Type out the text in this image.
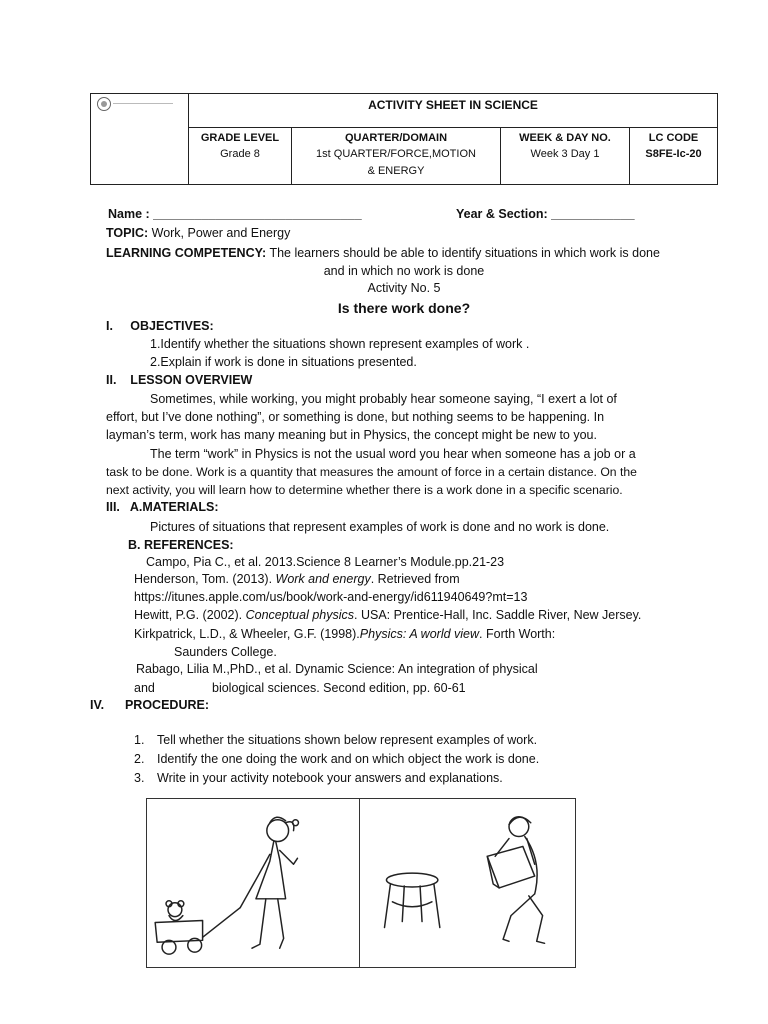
ACTIVITY SHEET IN SCIENCE
GRADE LEVEL
Grade 8
QUARTER/DOMAIN
1st QUARTER/FORCE,MOTION
& ENERGY
WEEK & DAY NO.
Week 3 Day 1
LC CODE
S8FE-Ic-20
Name : ______________________________	Year & Section: ____________
TOPIC: Work, Power and Energy
LEARNING COMPETENCY: The learners should be able to identify situations in which work is done
and in which no work is done
Activity No. 5
Is there work done?
I.     OBJECTIVES:
1.Identify whether the situations shown represent examples of work .
2.Explain if work is done in situations presented.
II.    LESSON OVERVIEW
Sometimes, while working, you might probably hear someone saying, “I exert a lot of
effort, but I’ve done nothing”, or something is done, but nothing seems to be happening. In
layman’s term, work has many meaning but in Physics, the concept might be new to you.
The term “work” in Physics is not the usual word you hear when someone has a job or a
task to be done. Work is a quantity that measures the amount of force in a certain distance. On the
next activity, you will learn how to determine whether there is a work done in a specific scenario.
III.   A.MATERIALS:
Pictures of situations that represent examples of work is done and no work is done.
B. REFERENCES:
Campo, Pia C., et al. 2013.Science 8 Learner’s Module.pp.21-23
Henderson, Tom. (2013). Work and energy. Retrieved from
https://itunes.apple.com/us/book/work-and-energy/id611940649?mt=13
Hewitt, P.G. (2002). Conceptual physics. USA: Prentice-Hall, Inc. Saddle River, New Jersey.
Kirkpatrick, L.D., & Wheeler, G.F. (1998).Physics: A world view. Forth Worth:
Saunders College.
Rabago, Lilia M.,PhD., et al. Dynamic Science: An integration of physical
and	biological sciences. Second edition, pp. 60-61
IV.      PROCEDURE:
1. Tell whether the situations shown below represent examples of work.
2. Identify the one doing the work and on which object the work is done.
3. Write in your activity notebook your answers and explanations.
